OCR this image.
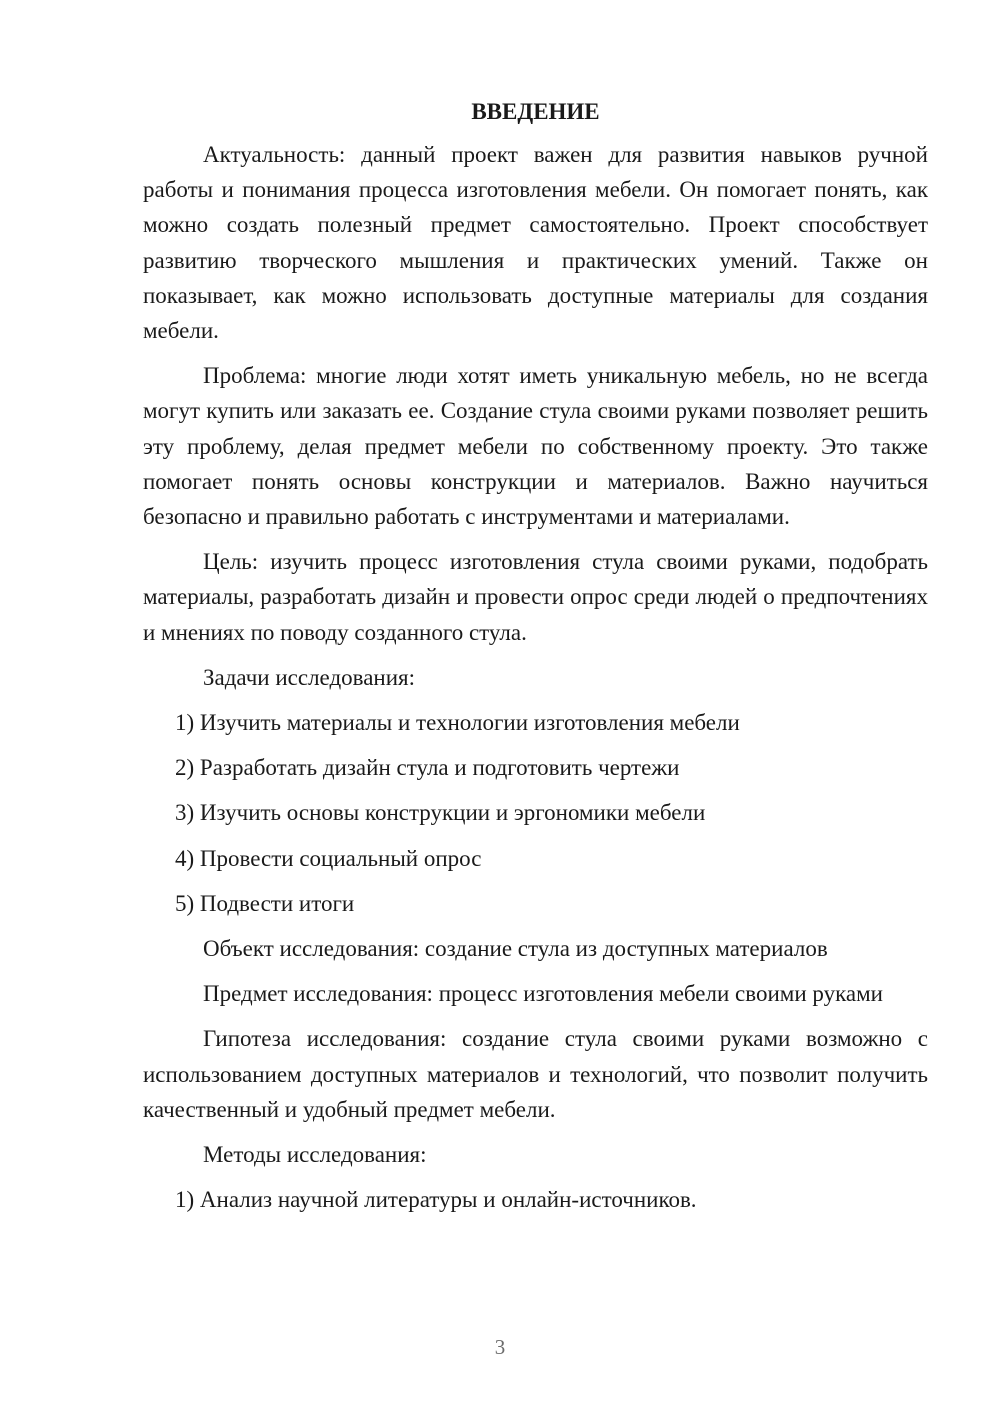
ВВЕДЕНИЕ

Актуальность: данный проект важен для развития навыков ручной работы и понимания процесса изготовления мебели. Он помогает понять, как можно создать полезный предмет самостоятельно. Проект способствует развитию творческого мышления и практических умений. Также он показывает, как можно использовать доступные материалы для создания мебели.

Проблема: многие люди хотят иметь уникальную мебель, но не всегда могут купить или заказать ее. Создание стула своими руками позволяет решить эту проблему, делая предмет мебели по собственному проекту. Это также помогает понять основы конструкции и материалов. Важно научиться безопасно и правильно работать с инструментами и материалами.

Цель: изучить процесс изготовления стула своими руками, подобрать материалы, разработать дизайн и провести опрос среди людей о предпочтениях и мнениях по поводу созданного стула.

Задачи исследования:
1) Изучить материалы и технологии изготовления мебели
2) Разработать дизайн стула и подготовить чертежи
3) Изучить основы конструкции и эргономики мебели
4) Провести социальный опрос
5) Подвести итоги
Объект исследования: создание стула из доступных материалов

Предмет исследования: процесс изготовления мебели своими руками

Гипотеза исследования: создание стула своими руками возможно с использованием доступных материалов и технологий, что позволит получить качественный и удобный предмет мебели.

Методы исследования:
1) Анализ научной литературы и онлайн-источников.
3
